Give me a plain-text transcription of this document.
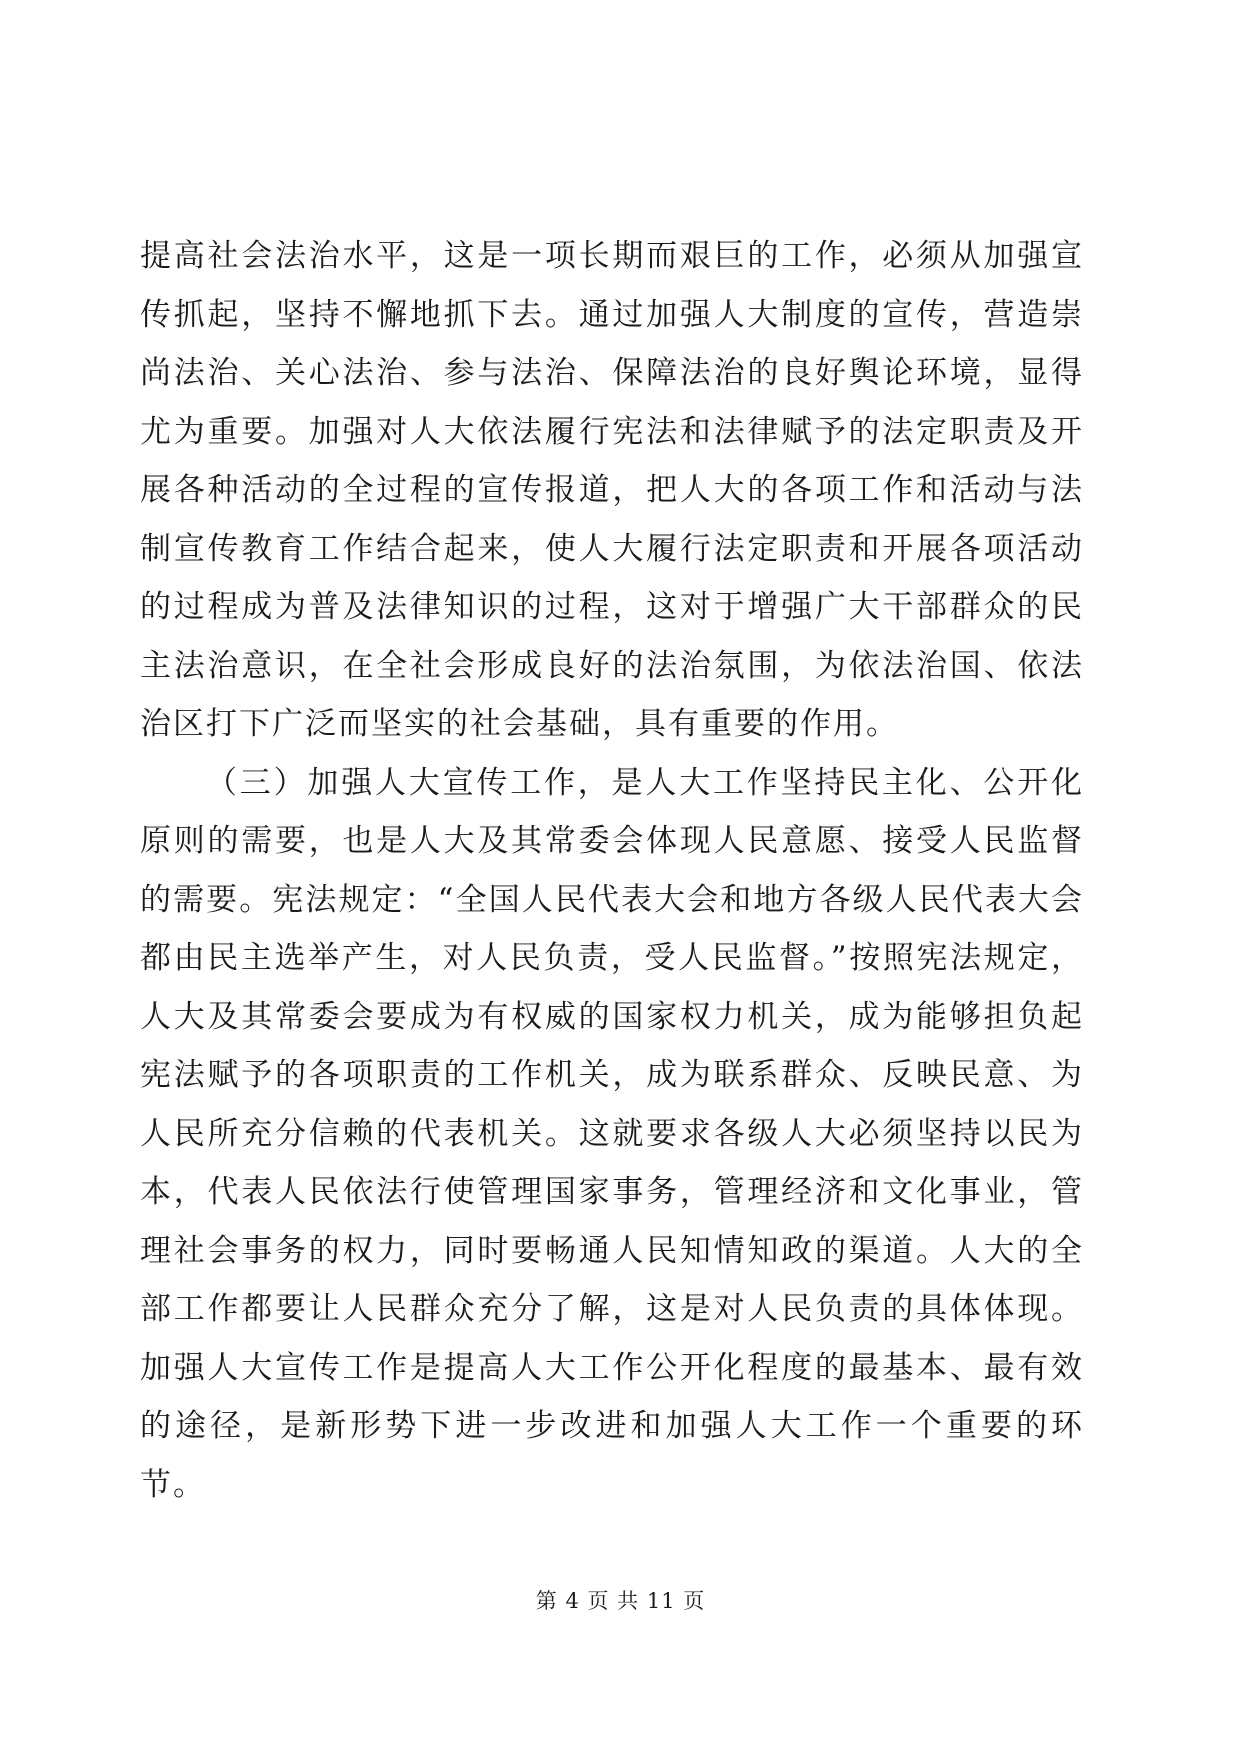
提高社会法治水平，这是一项长期而艰巨的工作，必须从加强宣传抓起，坚持不懈地抓下去。通过加强人大制度的宣传，营造崇尚法治、关心法治、参与法治、保障法治的良好舆论环境，显得尤为重要。加强对人大依法履行宪法和法律赋予的法定职责及开展各种活动的全过程的宣传报道，把人大的各项工作和活动与法制宣传教育工作结合起来，使人大履行法定职责和开展各项活动的过程成为普及法律知识的过程，这对于增强广大干部群众的民主法治意识，在全社会形成良好的法治氛围，为依法治国、依法治区打下广泛而坚实的社会基础，具有重要的作用。

（三）加强人大宣传工作，是人大工作坚持民主化、公开化原则的需要，也是人大及其常委会体现人民意愿、接受人民监督的需要。宪法规定：“全国人民代表大会和地方各级人民代表大会都由民主选举产生，对人民负责，受人民监督。”按照宪法规定，人大及其常委会要成为有权威的国家权力机关，成为能够担负起宪法赋予的各项职责的工作机关，成为联系群众、反映民意、为人民所充分信赖的代表机关。这就要求各级人大必须坚持以民为本，代表人民依法行使管理国家事务，管理经济和文化事业，管理社会事务的权力，同时要畅通人民知情知政的渠道。人大的全部工作都要让人民群众充分了解，这是对人民负责的具体体现。加强人大宣传工作是提高人大工作公开化程度的最基本、最有效的途径，是新形势下进一步改进和加强人大工作一个重要的环节。

第 4 页 共 11 页
